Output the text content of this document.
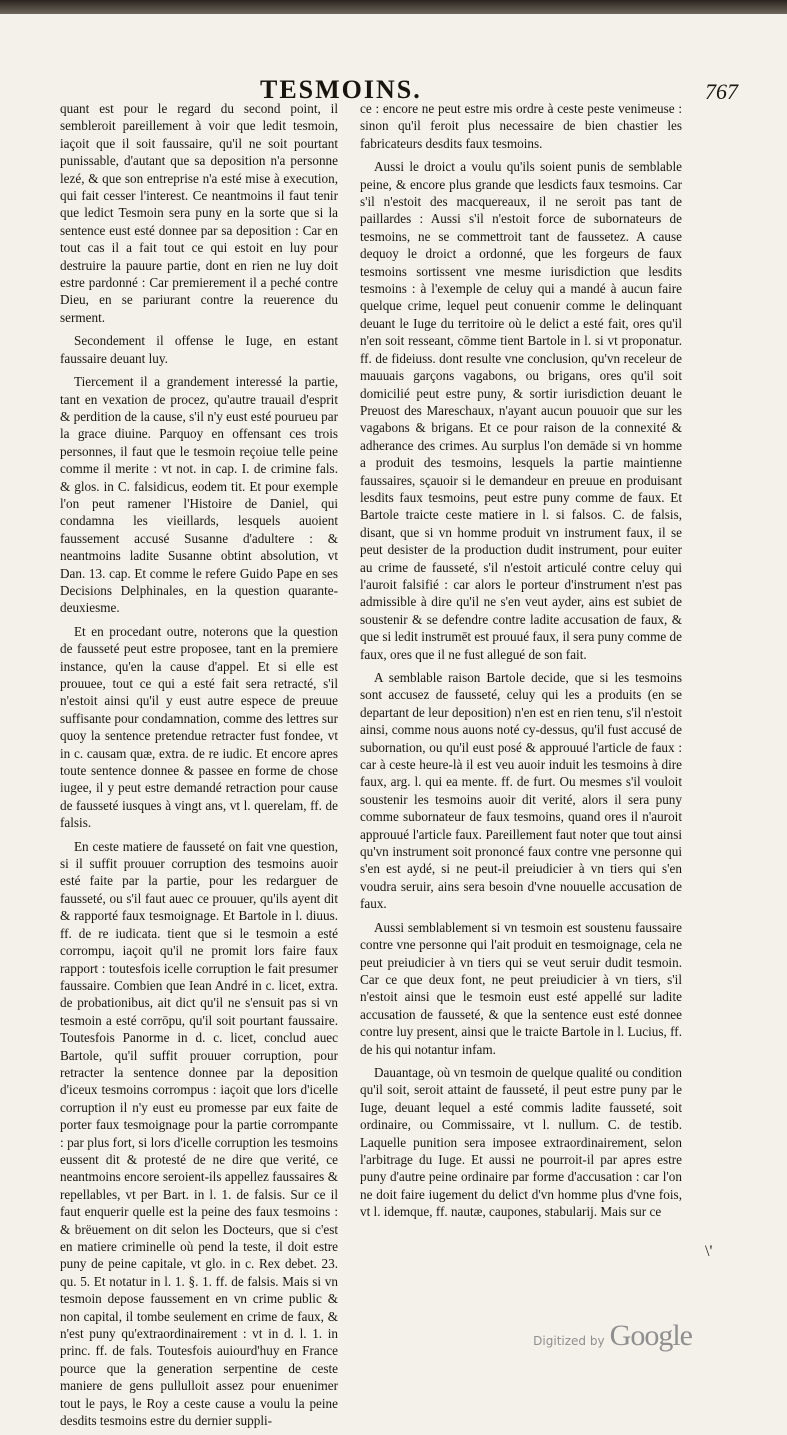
TESMOINS.	767

quant est pour le regard du second point, il sembleroit pareillement à voir que ledit tesmoin, iaçoit que il soit faussaire, qu'il ne soit pourtant punissable, d'autant que sa deposition n'a personne lezé, & que son entreprise n'a esté mise à execution, qui fait cesser l'interest. Ce neantmoins il faut tenir que ledict Tesmoin sera puny en la sorte que si la sentence eust esté donnee par sa deposition : Car en tout cas il a fait tout ce qui estoit en luy pour destruire la pauure partie, dont en rien ne luy doit estre pardonné : Car premierement il a peché contre Dieu, en se pariurant contre la reuerence du serment.

Secondement il offense le Iuge, en estant faussaire deuant luy.

Tiercement il a grandement interessé la partie, tant en vexation de procez, qu'autre trauail d'esprit & perdition de la cause, s'il n'y eust esté pourueu par la grace diuine. Parquoy en offensant ces trois personnes, il faut que le tesmoin reçoiue telle peine comme il merite : vt not. in cap. I. de crimine fals. & glos. in C. falsidicus, eodem tit. Et pour exemple l'on peut ramener l'Histoire de Daniel, qui condamna les vieillards, lesquels auoient faussement accusé Susanne d'adultere : & neantmoins ladite Susanne obtint absolution, vt Dan. 13. cap. Et comme le refere Guido Pape en ses Decisions Delphinales, en la question quarante-deuxiesme.

Et en procedant outre, noterons que la question de fausseté peut estre proposee, tant en la premiere instance, qu'en la cause d'appel. Et si elle est prouuee, tout ce qui a esté fait sera retracté, s'il n'estoit ainsi qu'il y eust autre espece de preuue suffisante pour condamnation, comme des lettres sur quoy la sentence pretendue retracter fust fondee, vt in c. causam quæ, extra. de re iudic. Et encore apres toute sentence donnee & passee en forme de chose iugee, il y peut estre demandé retraction pour cause de fausseté iusques à vingt ans, vt l. querelam, ff. de falsis.

En ceste matiere de fausseté on fait vne question, si il suffit prouuer corruption des tesmoins auoir esté faite par la partie, pour les redarguer de fausseté, ou s'il faut auec ce prouuer, qu'ils ayent dit & rapporté faux tesmoignage. Et Bartole in l. diuus. ff. de re iudicata. tient que si le tesmoin a esté corrompu, iaçoit qu'il ne promit lors faire faux rapport : toutesfois icelle corruption le fait presumer faussaire. Combien que Iean André in c. licet, extra. de probationibus, ait dict qu'il ne s'ensuit pas si vn tesmoin a esté corrōpu, qu'il soit pourtant faussaire. Toutesfois Panorme in d. c. licet, conclud auec Bartole, qu'il suffit prouuer corruption, pour retracter la sentence donnee par la deposition d'iceux tesmoins corrompus : iaçoit que lors d'icelle corruption il n'y eust eu promesse par eux faite de porter faux tesmoignage pour la partie corrompante : par plus fort, si lors d'icelle corruption les tesmoins eussent dit & protesté de ne dire que verité, ce neantmoins encore seroient-ils appellez faussaires & repellables, vt per Bart. in l. 1. de falsis. Sur ce il faut enquerir quelle est la peine des faux tesmoins : & brëuement on dit selon les Docteurs, que si c'est en matiere criminelle où pend la teste, il doit estre puny de peine capitale, vt glo. in c. Rex debet. 23. qu. 5. Et notatur in l. 1. §. 1. ff. de falsis. Mais si vn tesmoin depose faussement en vn crime public & non capital, il tombe seulement en crime de faux, & n'est puny qu'extraordinairement : vt in d. l. 1. in princ. ff. de fals. Toutesfois auiourd'huy en France pource que la generation serpentine de ceste maniere de gens pullulloit assez pour enuenimer tout le pays, le Roy a ceste cause a voulu la peine desdits tesmoins estre du dernier suppli-

ce : encore ne peut estre mis ordre à ceste peste venimeuse : sinon qu'il feroit plus necessaire de bien chastier les fabricateurs desdits faux tesmoins.

Aussi le droict a voulu qu'ils soient punis de semblable peine, & encore plus grande que lesdicts faux tesmoins. Car s'il n'estoit des macquereaux, il ne seroit pas tant de paillardes : Aussi s'il n'estoit force de subornateurs de tesmoins, ne se commettroit tant de faussetez. A cause dequoy le droict a ordonné, que les forgeurs de faux tesmoins sortissent vne mesme iurisdiction que lesdits tesmoins : à l'exemple de celuy qui a mandé à aucun faire quelque crime, lequel peut conuenir comme le delinquant deuant le Iuge du territoire où le delict a esté fait, ores qu'il n'en soit resseant, cōmme tient Bartole in l. si vt proponatur. ff. de fideiuss. dont resulte vne conclusion, qu'vn receleur de mauuais garçons vagabons, ou brigans, ores qu'il soit domicilié peut estre puny, & sortir iurisdiction deuant le Preuost des Mareschaux, n'ayant aucun pouuoir que sur les vagabons & brigans. Et ce pour raison de la connexité & adherance des crimes. Au surplus l'on demāde si vn homme a produit des tesmoins, lesquels la partie maintienne faussaires, sçauoir si le demandeur en preuue en produisant lesdits faux tesmoins, peut estre puny comme de faux. Et Bartole traicte ceste matiere in l. si falsos. C. de falsis, disant, que si vn homme produit vn instrument faux, il se peut desister de la production dudit instrument, pour euiter au crime de fausseté, s'il n'estoit articulé contre celuy qui l'auroit falsifié : car alors le porteur d'instrument n'est pas admissible à dire qu'il ne s'en veut ayder, ains est subiet de soustenir & se defendre contre ladite accusation de faux, & que si ledit instrumēt est prouué faux, il sera puny comme de faux, ores que il ne fust allegué de son fait.

A semblable raison Bartole decide, que si les tesmoins sont accusez de fausseté, celuy qui les a produits (en se departant de leur deposition) n'en est en rien tenu, s'il n'estoit ainsi, comme nous auons noté cy-dessus, qu'il fust accusé de subornation, ou qu'il eust posé & approuué l'article de faux : car à ceste heure-là il est veu auoir induit les tesmoins à dire faux, arg. l. qui ea mente. ff. de furt. Ou mesmes s'il vouloit soustenir les tesmoins auoir dit verité, alors il sera puny comme subornateur de faux tesmoins, quand ores il n'auroit approuué l'article faux. Pareillement faut noter que tout ainsi qu'vn instrument soit prononcé faux contre vne personne qui s'en est aydé, si ne peut-il preiudicier à vn tiers qui s'en voudra seruir, ains sera besoin d'vne nouuelle accusation de faux.

Aussi semblablement si vn tesmoin est soustenu faussaire contre vne personne qui l'ait produit en tesmoignage, cela ne peut preiudicier à vn tiers qui se veut seruir dudit tesmoin. Car ce que deux font, ne peut preiudicier à vn tiers, s'il n'estoit ainsi que le tesmoin eust esté appellé sur ladite accusation de fausseté, & que la sentence eust esté donnee contre luy present, ainsi que le traicte Bartole in l. Lucius, ff. de his qui notantur infam.

Dauantage, où vn tesmoin de quelque qualité ou condition qu'il soit, seroit attaint de fausseté, il peut estre puny par le Iuge, deuant lequel a esté commis ladite fausseté, soit ordinaire, ou Commissaire, vt l. nullum. C. de testib. Laquelle punition sera imposee extraordinairement, selon l'arbitrage du Iuge. Et aussi ne pourroit-il par apres estre puny d'autre peine ordinaire par forme d'accusation : car l'on ne doit faire iugement du delict d'vn homme plus d'vne fois, vt l. idemque, ff. nautæ, caupones, stabularij. Mais sur ce

\'
Digitized by Google
